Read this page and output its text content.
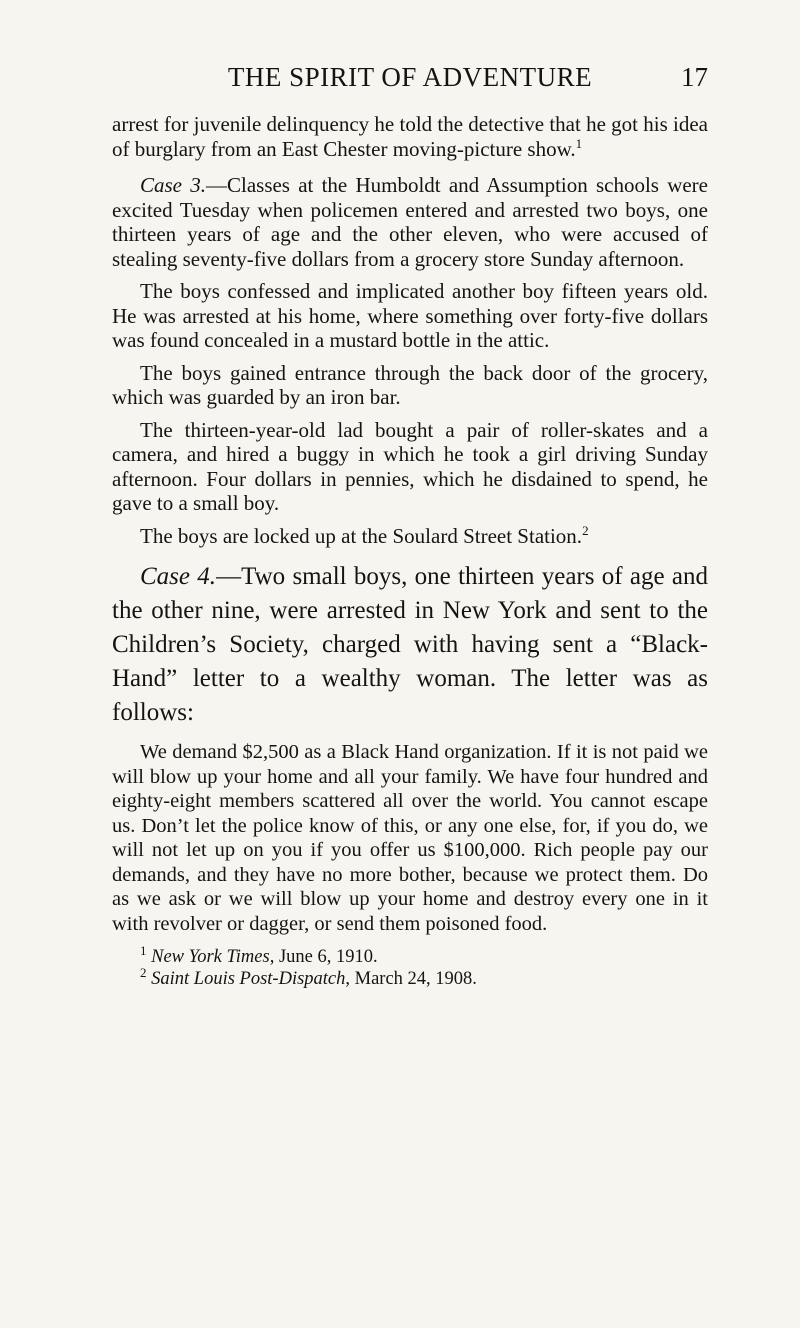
THE SPIRIT OF ADVENTURE	17

arrest for juvenile delinquency he told the detective that he got his idea of burglary from an East Chester moving-picture show.$^1$

Case 3.—Classes at the Humboldt and Assumption schools were excited Tuesday when policemen entered and arrested two boys, one thirteen years of age and the other eleven, who were accused of stealing seventy-five dollars from a grocery store Sunday afternoon.

The boys confessed and implicated another boy fifteen years old. He was arrested at his home, where something over forty-five dollars was found concealed in a mustard bottle in the attic.

The boys gained entrance through the back door of the grocery, which was guarded by an iron bar.

The thirteen-year-old lad bought a pair of roller-skates and a camera, and hired a buggy in which he took a girl driving Sunday afternoon. Four dollars in pennies, which he disdained to spend, he gave to a small boy.

The boys are locked up at the Soulard Street Station.$^2$

Case 4.—Two small boys, one thirteen years of age and the other nine, were arrested in New York and sent to the Children’s Society, charged with having sent a “Black-Hand” letter to a wealthy woman. The letter was as follows:

We demand $2,500 as a Black Hand organization. If it is not paid we will blow up your home and all your family. We have four hundred and eighty-eight members scattered all over the world. You cannot escape us. Don’t let the police know of this, or any one else, for, if you do, we will not let up on you if you offer us $100,000. Rich people pay our demands, and they have no more bother, because we protect them. Do as we ask or we will blow up your home and destroy every one in it with revolver or dagger, or send them poisoned food.

$^1$ New York Times, June 6, 1910.
$^2$ Saint Louis Post-Dispatch, March 24, 1908.
